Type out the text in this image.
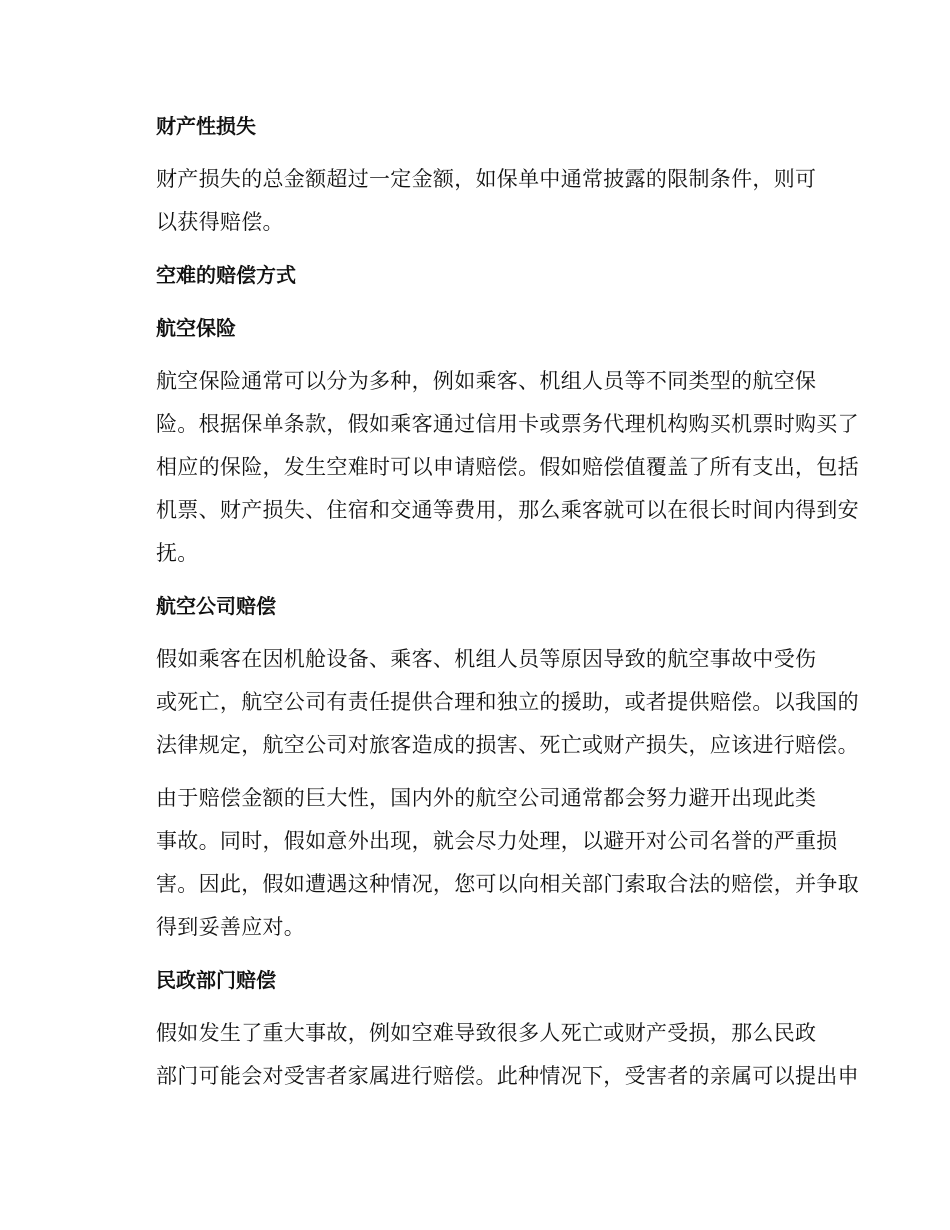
财产性损失
财产损失的总金额超过一定金额，如保单中通常披露的限制条件，则可
以获得赔偿。
空难的赔偿方式
航空保险
航空保险通常可以分为多种，例如乘客、机组人员等不同类型的航空保
险。根据保单条款，假如乘客通过信用卡或票务代理机构购买机票时购买了
相应的保险，发生空难时可以申请赔偿。假如赔偿值覆盖了所有支出，包括
机票、财产损失、住宿和交通等费用，那么乘客就可以在很长时间内得到安
抚。
航空公司赔偿
假如乘客在因机舱设备、乘客、机组人员等原因导致的航空事故中受伤
或死亡，航空公司有责任提供合理和独立的援助，或者提供赔偿。以我国的
法律规定，航空公司对旅客造成的损害、死亡或财产损失，应该进行赔偿。
由于赔偿金额的巨大性，国内外的航空公司通常都会努力避开出现此类
事故。同时，假如意外出现，就会尽力处理，以避开对公司名誉的严重损
害。因此，假如遭遇这种情况，您可以向相关部门索取合法的赔偿，并争取
得到妥善应对。
民政部门赔偿
假如发生了重大事故，例如空难导致很多人死亡或财产受损，那么民政
部门可能会对受害者家属进行赔偿。此种情况下，受害者的亲属可以提出申
